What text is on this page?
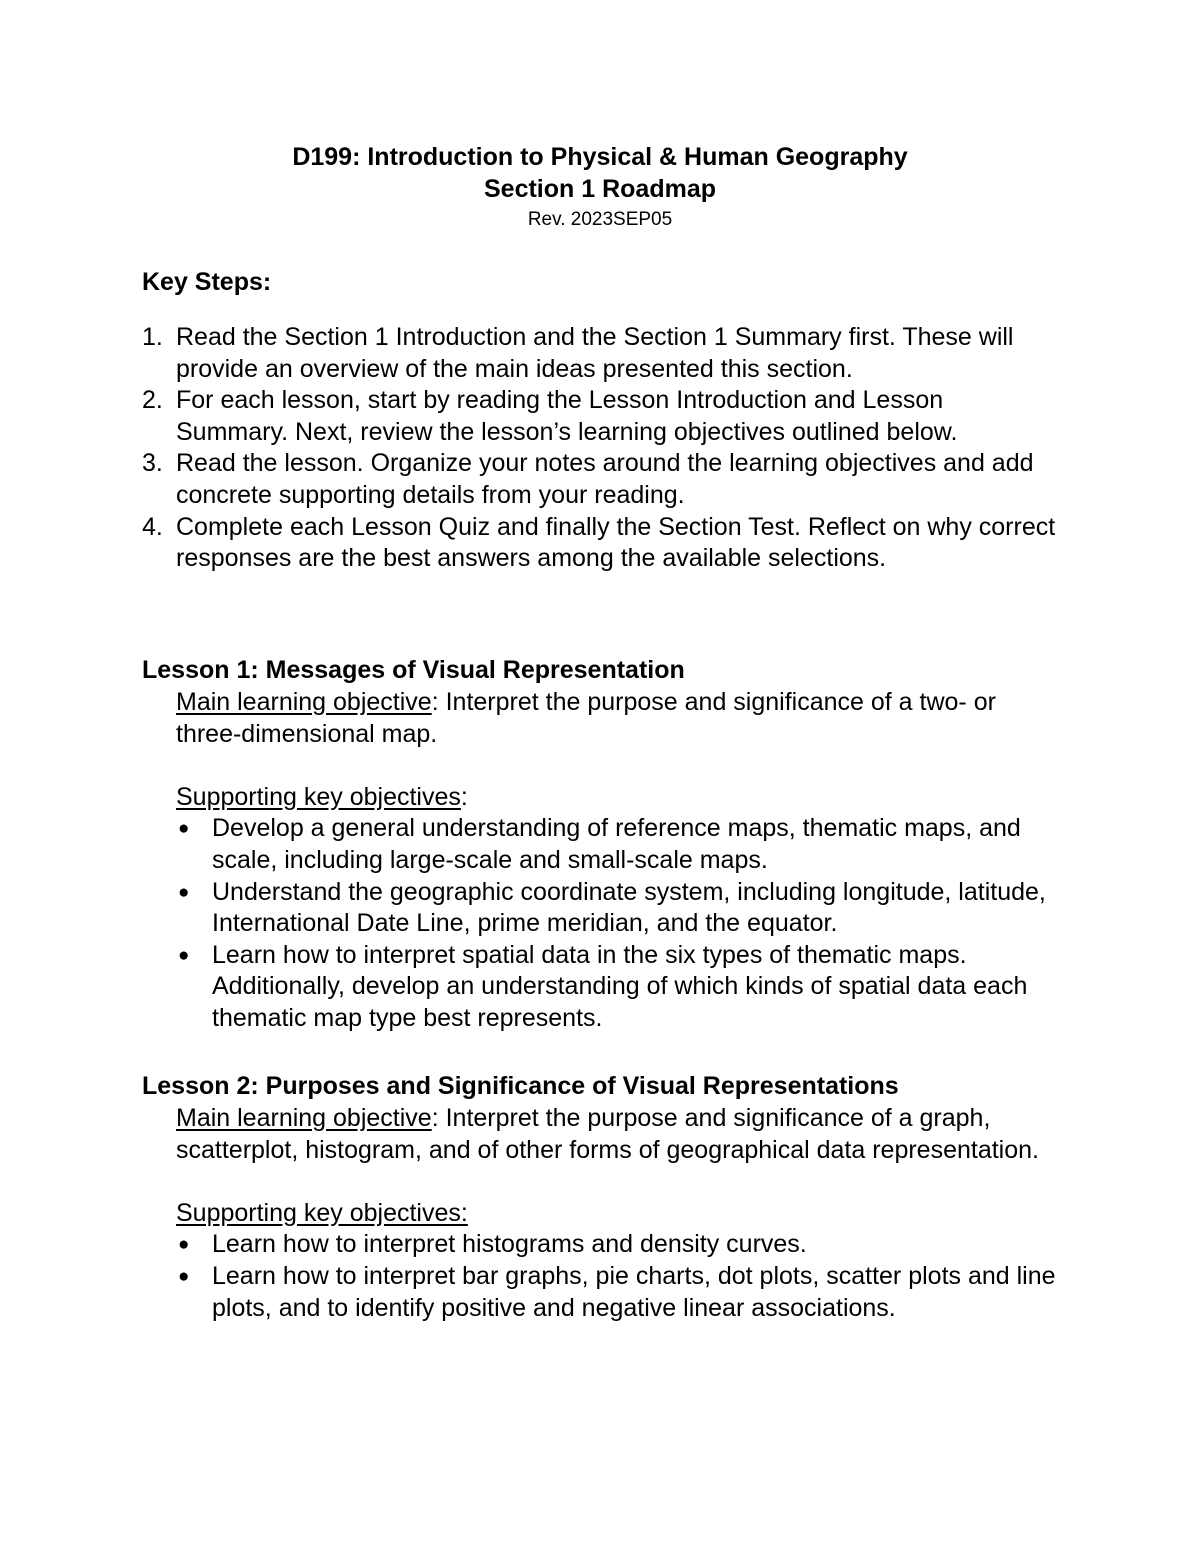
D199: Introduction to Physical & Human Geography
Section 1 Roadmap
Rev. 2023SEP05
Key Steps:
1. Read the Section 1 Introduction and the Section 1 Summary first. These will provide an overview of the main ideas presented this section.
2. For each lesson, start by reading the Lesson Introduction and Lesson Summary. Next, review the lesson’s learning objectives outlined below.
3. Read the lesson. Organize your notes around the learning objectives and add concrete supporting details from your reading.
4. Complete each Lesson Quiz and finally the Section Test. Reflect on why correct responses are the best answers among the available selections.
Lesson 1: Messages of Visual Representation

Main learning objective: Interpret the purpose and significance of a two- or three-dimensional map.

Supporting key objectives:

● Develop a general understanding of reference maps, thematic maps, and scale, including large-scale and small-scale maps.
● Understand the geographic coordinate system, including longitude, latitude, International Date Line, prime meridian, and the equator.
● Learn how to interpret spatial data in the six types of thematic maps. Additionally, develop an understanding of which kinds of spatial data each thematic map type best represents.
Lesson 2: Purposes and Significance of Visual Representations

Main learning objective: Interpret the purpose and significance of a graph, scatterplot, histogram, and of other forms of geographical data representation.

Supporting key objectives:

● Learn how to interpret histograms and density curves.
● Learn how to interpret bar graphs, pie charts, dot plots, scatter plots and line plots, and to identify positive and negative linear associations.
